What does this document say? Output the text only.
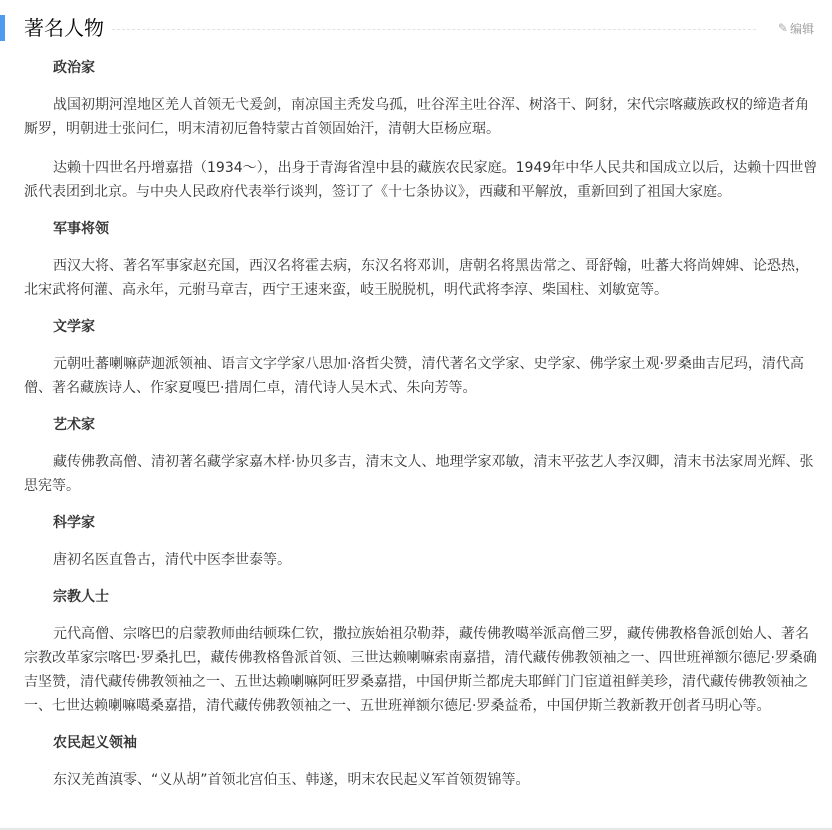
著名人物	✎ 编辑

政治家

战国初期河湟地区羌人首领无弋爰剑，南凉国主秃发乌孤，吐谷浑主吐谷浑、树洛干、阿豺，宋代宗喀藏族政权的缔造者角厮罗，明朝进士张问仁，明末清初厄鲁特蒙古首领固始汗，清朝大臣杨应琚。

达赖十四世名丹增嘉措（1934～），出身于青海省湟中县的藏族农民家庭。1949年中华人民共和国成立以后，达赖十四世曾派代表团到北京。与中央人民政府代表举行谈判，签订了《十七条协议》，西藏和平解放，重新回到了祖国大家庭。

军事将领

西汉大将、著名军事家赵充国，西汉名将霍去病，东汉名将邓训，唐朝名将黑齿常之、哥舒翰，吐蕃大将尚婢婢、论恐热，北宋武将何灌、高永年，元驸马章吉，西宁王速来蛮，岐王脱脱机，明代武将李淳、柴国柱、刘敏宽等。

文学家

元朝吐蕃喇嘛萨迦派领袖、语言文字学家八思加·洛哲尖赞，清代著名文学家、史学家、佛学家土观·罗桑曲吉尼玛，清代高僧、著名藏族诗人、作家夏嘎巴·措周仁卓，清代诗人吴木式、朱向芳等。

艺术家

藏传佛教高僧、清初著名藏学家嘉木样·协贝多吉，清末文人、地理学家邓敏，清末平弦艺人李汉卿，清末书法家周光辉、张思宪等。

科学家

唐初名医直鲁古，清代中医李世泰等。

宗教人士

元代高僧、宗喀巴的启蒙教师曲结顿珠仁钦，撒拉族始祖尕勒莽，藏传佛教噶举派高僧三罗，藏传佛教格鲁派创始人、著名宗教改革家宗喀巴·罗桑扎巴，藏传佛教格鲁派首领、三世达赖喇嘛索南嘉措，清代藏传佛教领袖之一、四世班禅额尔德尼·罗桑确吉坚赞，清代藏传佛教领袖之一、五世达赖喇嘛阿旺罗桑嘉措，中国伊斯兰都虎夫耶鲜门门宦道祖鲜美珍，清代藏传佛教领袖之一、七世达赖喇嘛噶桑嘉措，清代藏传佛教领袖之一、五世班禅额尔德尼·罗桑益希，中国伊斯兰教新教开创者马明心等。

农民起义领袖

东汉羌酋滇零、“义从胡”首领北宫伯玉、韩遂，明末农民起义军首领贺锦等。
